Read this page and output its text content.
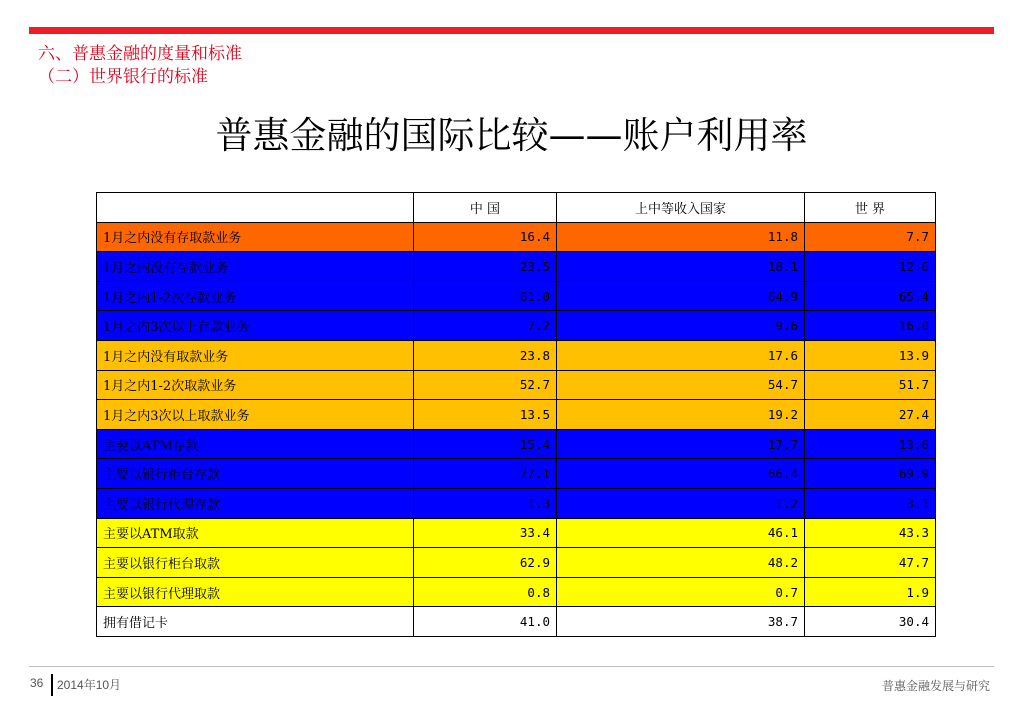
六、普惠金融的度量和标准
（二）世界银行的标准
普惠金融的国际比较——账户利用率
	中 国	上中等收入国家	世 界
1月之内没有存取款业务	16.4	11.8	7.7
1月之内没有存款业务	23.5	18.1	12.6
1月之内1-2次存款业务	61.0	64.9	65.4
1月之内3次以上存款业务	7.2	9.6	16.0
1月之内没有取款业务	23.8	17.6	13.9
1月之内1-2次取款业务	52.7	54.7	51.7
1月之内3次以上取款业务	13.5	19.2	27.4
主要以ATM存款	15.4	17.7	13.6
主要以银行柜台存款	77.1	66.4	69.9
主要以银行代理存款	1.3	1.2	3.1
主要以ATM取款	33.4	46.1	43.3
主要以银行柜台取款	62.9	48.2	47.7
主要以银行代理取款	0.8	0.7	1.9
拥有借记卡	41.0	38.7	30.4
36 2014年10月	普惠金融发展与研究
